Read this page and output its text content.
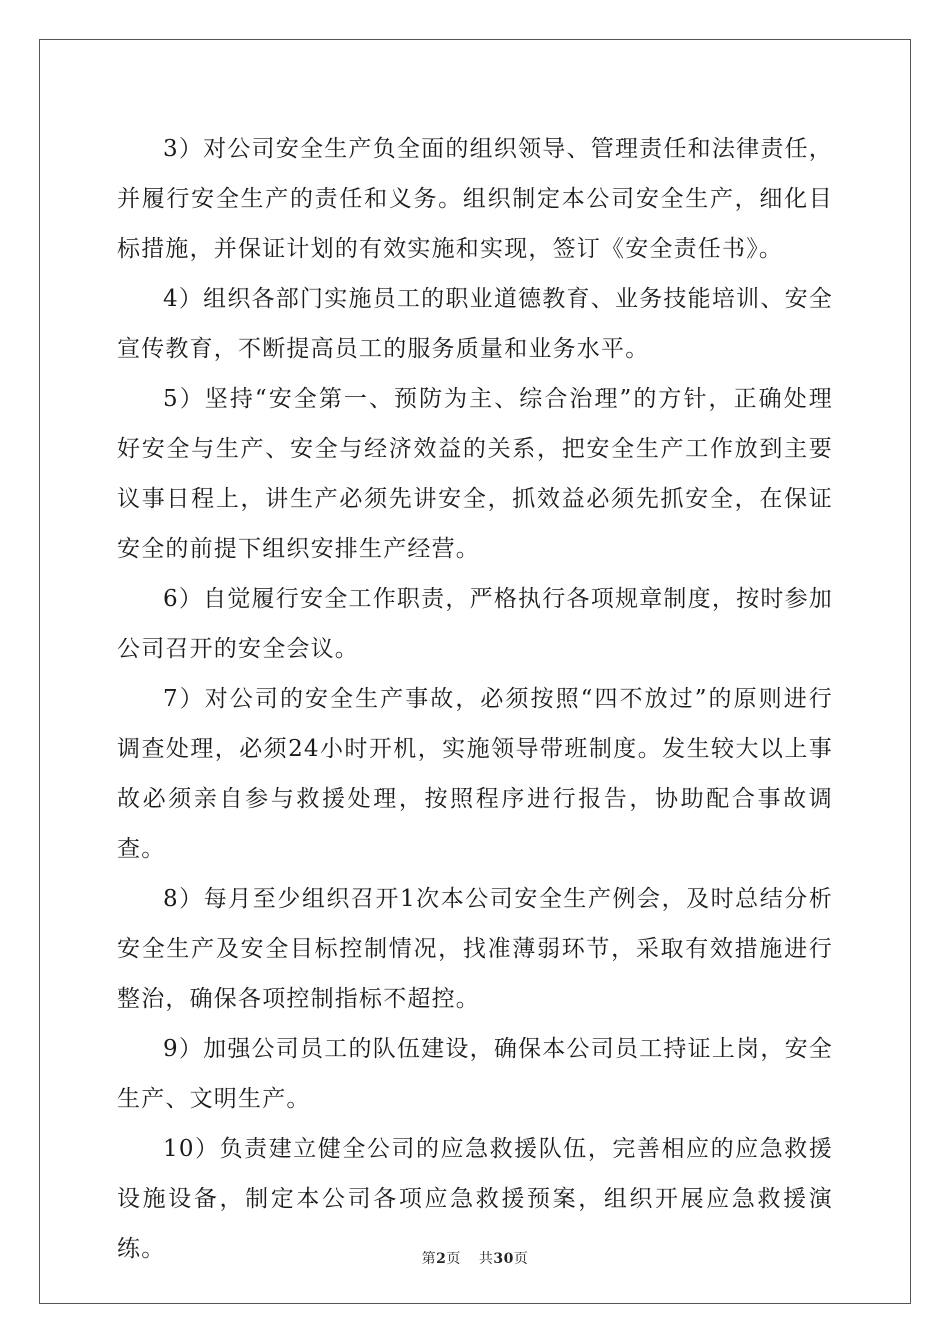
3）对公司安全生产负全面的组织领导、管理责任和法律责任，并履行安全生产的责任和义务。组织制定本公司安全生产，细化目标措施，并保证计划的有效实施和实现，签订《安全责任书》。

4）组织各部门实施员工的职业道德教育、业务技能培训、安全宣传教育，不断提高员工的服务质量和业务水平。

5）坚持“安全第一、预防为主、综合治理”的方针，正确处理好安全与生产、安全与经济效益的关系，把安全生产工作放到主要议事日程上，讲生产必须先讲安全，抓效益必须先抓安全，在保证安全的前提下组织安排生产经营。

6）自觉履行安全工作职责，严格执行各项规章制度，按时参加公司召开的安全会议。

7）对公司的安全生产事故，必须按照“四不放过”的原则进行调查处理，必须24小时开机，实施领导带班制度。发生较大以上事故必须亲自参与救援处理，按照程序进行报告，协助配合事故调查。

8）每月至少组织召开1次本公司安全生产例会，及时总结分析安全生产及安全目标控制情况，找准薄弱环节，采取有效措施进行整治，确保各项控制指标不超控。

9）加强公司员工的队伍建设，确保本公司员工持证上岗，安全生产、文明生产。

10）负责建立健全公司的应急救援队伍，完善相应的应急救援设施设备，制定本公司各项应急救援预案，组织开展应急救援演练。	第2页 共30页
